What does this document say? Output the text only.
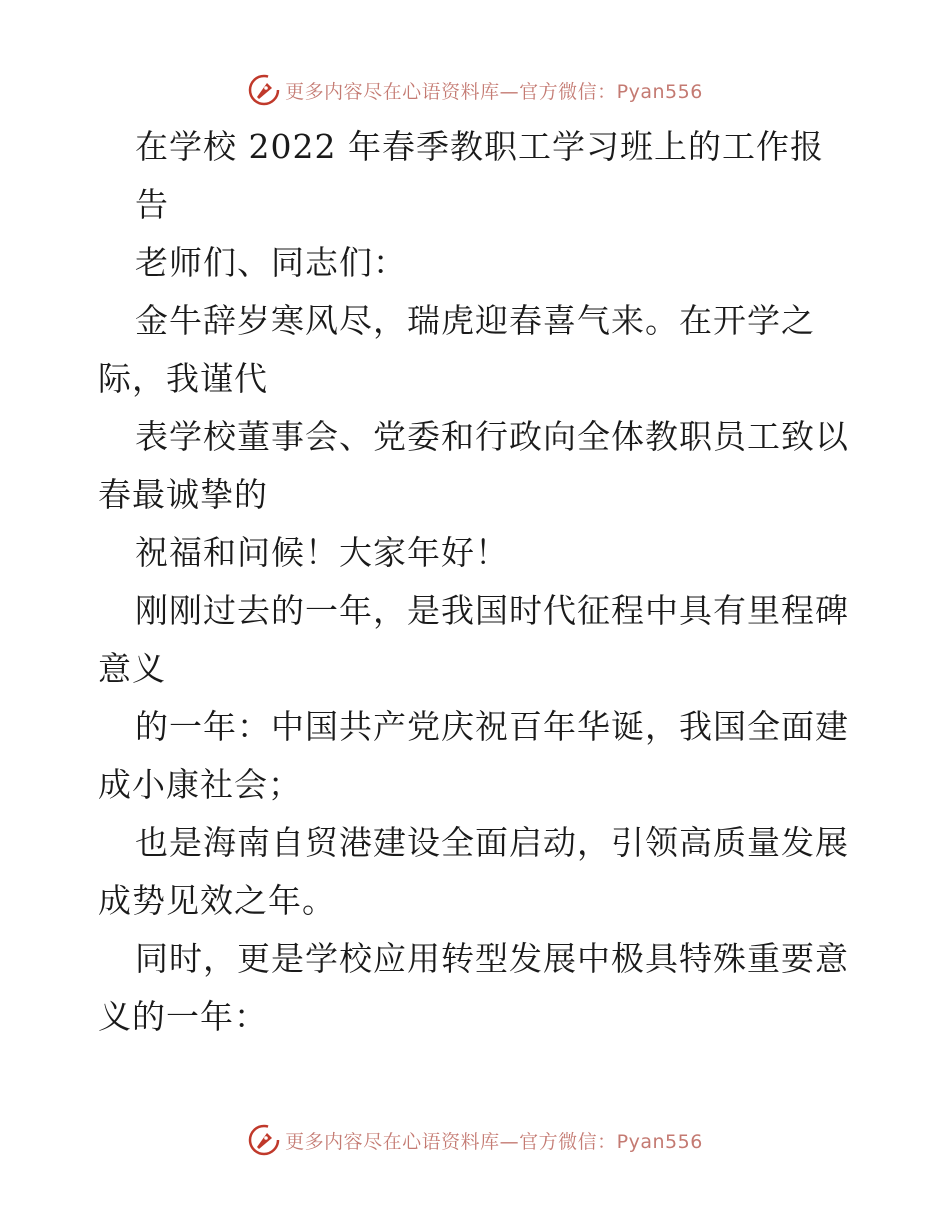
更多内容尽在心语资料库—官方微信：Pyan556
在学校 2022 年春季教职工学习班上的工作报
告
老师们、同志们：
金牛辞岁寒风尽，瑞虎迎春喜气来。在开学之
际，我谨代
表学校董事会、党委和行政向全体教职员工致以
春最诚挚的
祝福和问候！大家年好！
刚刚过去的一年，是我国时代征程中具有里程碑
意义
的一年：中国共产党庆祝百年华诞，我国全面建
成小康社会；
也是海南自贸港建设全面启动，引领高质量发展
成势见效之年。
同时，更是学校应用转型发展中极具特殊重要意
义的一年：
更多内容尽在心语资料库—官方微信：Pyan556
